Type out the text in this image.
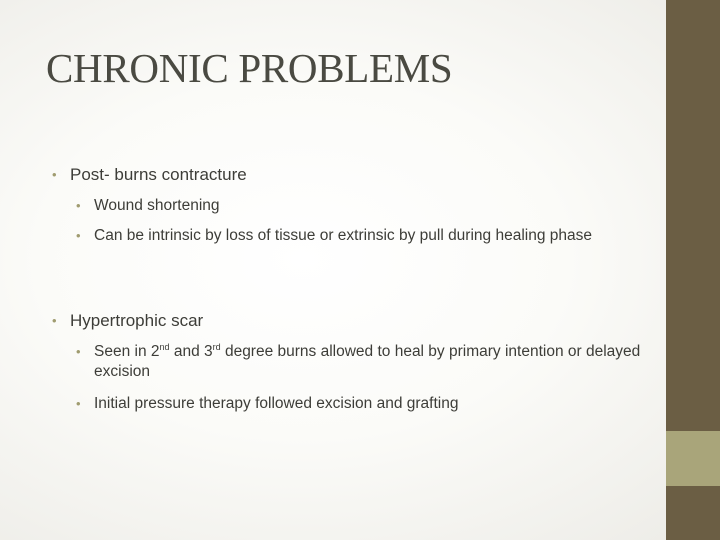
CHRONIC PROBLEMS
• Post- burns contracture
• Wound shortening
• Can be intrinsic by loss of tissue or extrinsic by pull during healing phase
• Hypertrophic scar
• Seen in 2nd and 3rd degree burns allowed to heal by primary intention or delayed excision
• Initial pressure therapy followed excision and grafting
